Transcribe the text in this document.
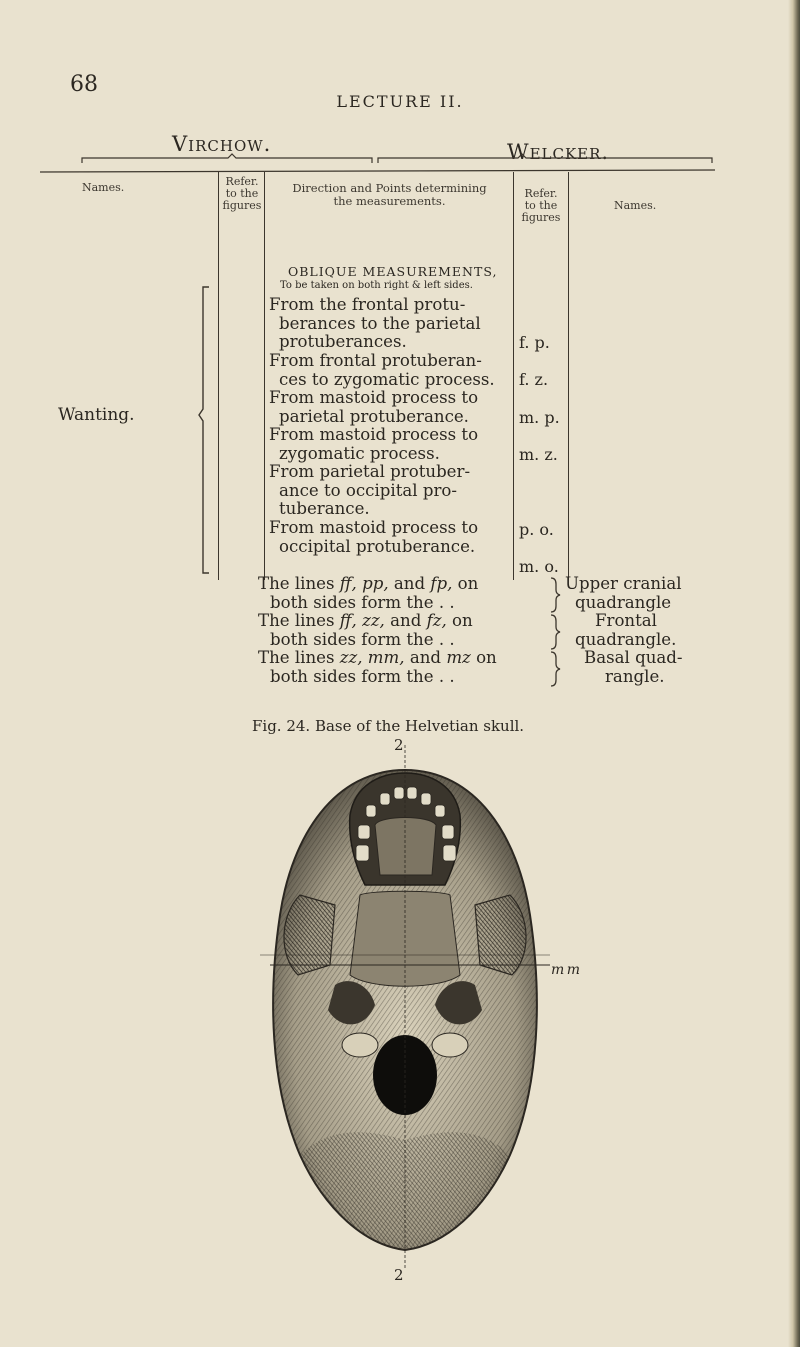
68
LECTURE II.
Virchow.	Welcker.
Names.	Refer.
to the
figures
Direction and Points determining
the measurements.
Refer.
to the
figures
Names.
Wanting.
OBLIQUE MEASUREMENTS,
To be taken on both right & left sides.
From the frontal protu-
berances to the parietal
protuberances.
From frontal protuberan-
ces to zygomatic process.
From mastoid process to
parietal protuberance.
From mastoid process to
zygomatic process.
From parietal protuber-
ance to occipital pro-
tuberance.
From mastoid process to
occipital protuberance.
f. p.
f. z.
m. p.
m. z.
p. o.
m. o.
The lines ff, pp, and fp, on
both sides form the . .
The lines ff, zz, and fz, on
both sides form the . .
The lines zz, mm, and mz on
both sides form the . .
Upper cranial
quadrangle
Frontal
quadrangle.
Basal quad-
rangle.
Fig. 24. Base of the Helvetian skull.
2
2
m m
